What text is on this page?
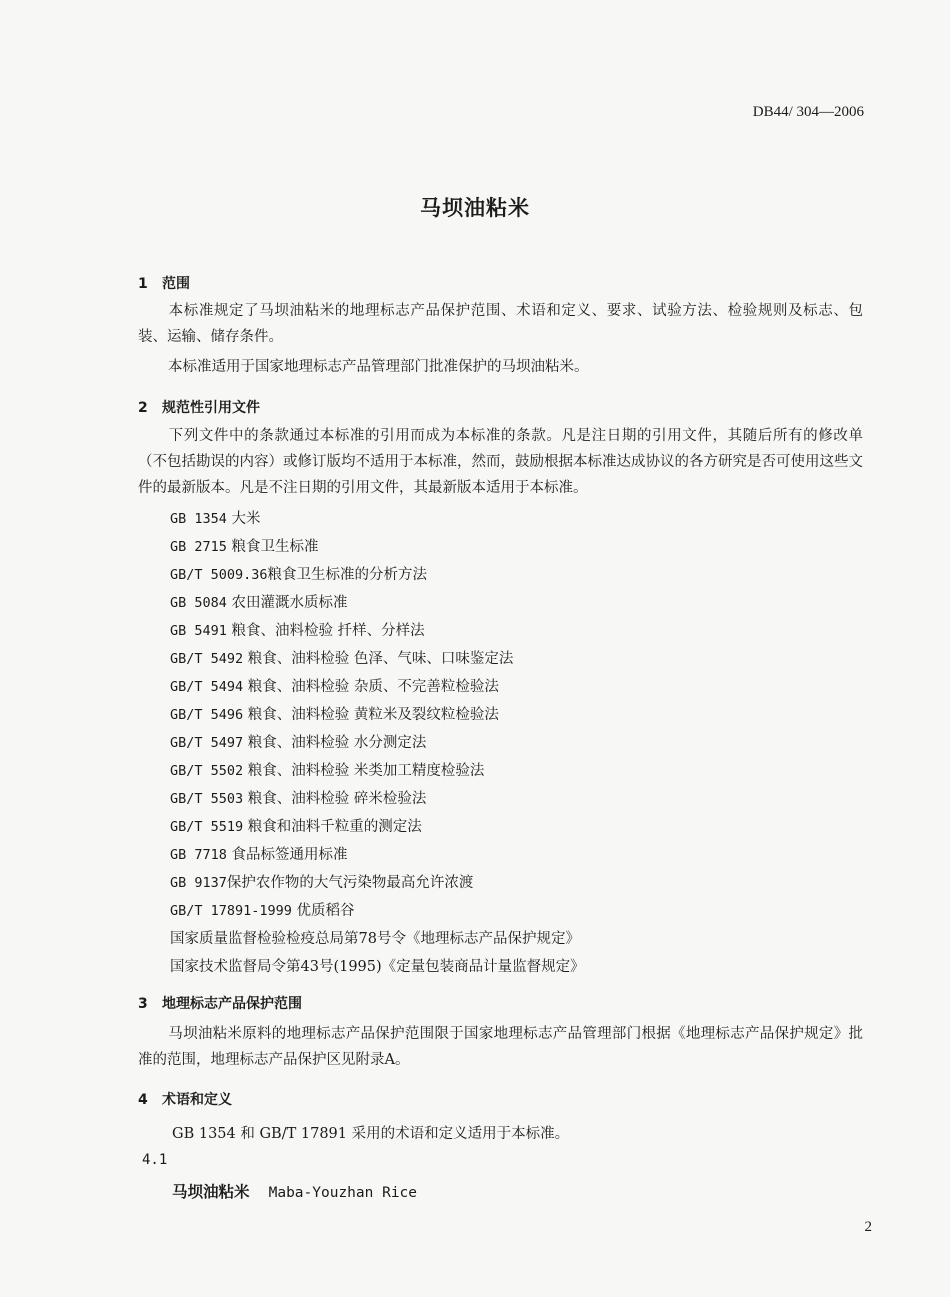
DB44/ 304—2006
马坝油粘米
1 范围
本标准规定了马坝油粘米的地理标志产品保护范围、术语和定义、要求、试验方法、检验规则及标志、包装、运输、储存条件。
本标准适用于国家地理标志产品管理部门批准保护的马坝油粘米。
2 规范性引用文件
下列文件中的条款通过本标准的引用而成为本标准的条款。凡是注日期的引用文件，其随后所有的修改单（不包括勘误的内容）或修订版均不适用于本标准，然而，鼓励根据本标准达成协议的各方研究是否可使用这些文件的最新版本。凡是不注日期的引用文件，其最新版本适用于本标准。
GB 1354 大米
GB 2715 粮食卫生标准
GB/T 5009.36粮食卫生标准的分析方法
GB 5084 农田灌溉水质标准
GB 5491 粮食、油料检验 扦样、分样法
GB/T 5492 粮食、油料检验 色泽、气味、口味鉴定法
GB/T 5494 粮食、油料检验 杂质、不完善粒检验法
GB/T 5496 粮食、油料检验 黄粒米及裂纹粒检验法
GB/T 5497 粮食、油料检验 水分测定法
GB/T 5502 粮食、油料检验 米类加工精度检验法
GB/T 5503 粮食、油料检验 碎米检验法
GB/T 5519 粮食和油料千粒重的测定法
GB 7718 食品标签通用标准
GB 9137保护农作物的大气污染物最高允许浓渡
GB/T 17891-1999 优质稻谷
国家质量监督检验检疫总局第78号令《地理标志产品保护规定》
国家技术监督局令第43号(1995)《定量包装商品计量监督规定》
3 地理标志产品保护范围
马坝油粘米原料的地理标志产品保护范围限于国家地理标志产品管理部门根据《地理标志产品保护规定》批准的范围，地理标志产品保护区见附录A。
4 术语和定义
GB 1354 和 GB/T 17891 采用的术语和定义适用于本标准。
4.1
马坝油粘米 Maba-Youzhan Rice
2
